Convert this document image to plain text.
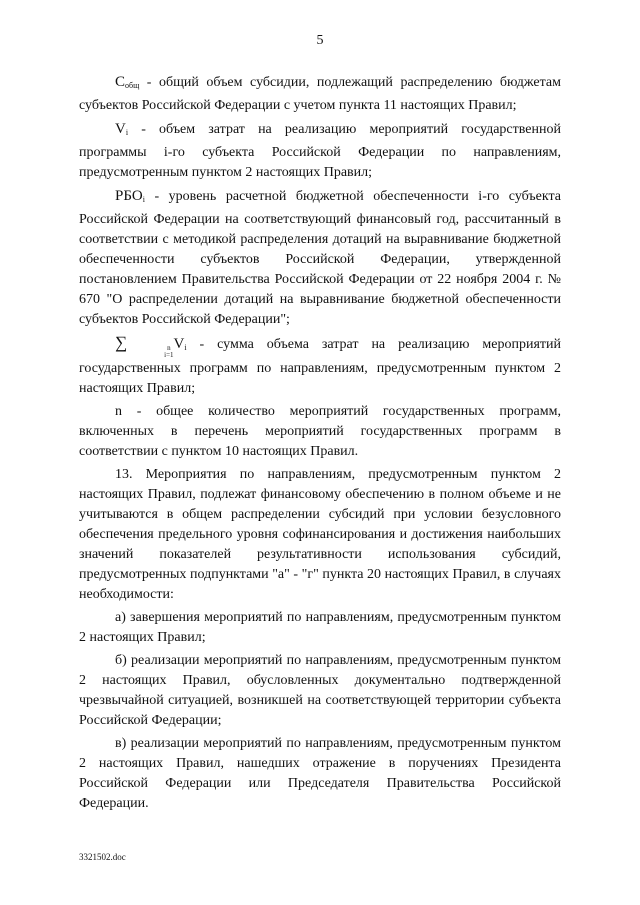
5

$C_{общ}$ - общий объем субсидии, подлежащий распределению бюджетам субъектов Российской Федерации с учетом пункта 11 настоящих Правил;

$V_i$ - объем затрат на реализацию мероприятий государственной программы i-го субъекта Российской Федерации по направлениям, предусмотренным пунктом 2 настоящих Правил;

$РБО_i$ - уровень расчетной бюджетной обеспеченности i-го субъекта Российской Федерации на соответствующий финансовый год, рассчитанный в соответствии с методикой распределения дотаций на выравнивание бюджетной обеспеченности субъектов Российской Федерации, утвержденной постановлением Правительства Российской Федерации от 22 ноября 2004 г. № 670 "О распределении дотаций на выравнивание бюджетной обеспеченности субъектов Российской Федерации";

∑	n
i=1
$V_i$ - сумма объема затрат на реализацию мероприятий государственных программ по направлениям, предусмотренным пунктом 2 настоящих Правил;

n - общее количество мероприятий государственных программ, включенных в перечень мероприятий государственных программ в соответствии с пунктом 10 настоящих Правил.

13. Мероприятия по направлениям, предусмотренным пунктом 2 настоящих Правил, подлежат финансовому обеспечению в полном объеме и не учитываются в общем распределении субсидий при условии безусловного обеспечения предельного уровня софинансирования и достижения наибольших значений показателей результативности использования субсидий, предусмотренных подпунктами "а" - "г" пункта 20 настоящих Правил, в случаях необходимости:

а) завершения мероприятий по направлениям, предусмотренным пунктом 2 настоящих Правил;

б) реализации мероприятий по направлениям, предусмотренным пунктом 2 настоящих Правил, обусловленных документально подтвержденной чрезвычайной ситуацией, возникшей на соответствующей территории субъекта Российской Федерации;

в) реализации мероприятий по направлениям, предусмотренным пунктом 2 настоящих Правил, нашедших отражение в поручениях Президента Российской Федерации или Председателя Правительства Российской Федерации.

3321502.doc
